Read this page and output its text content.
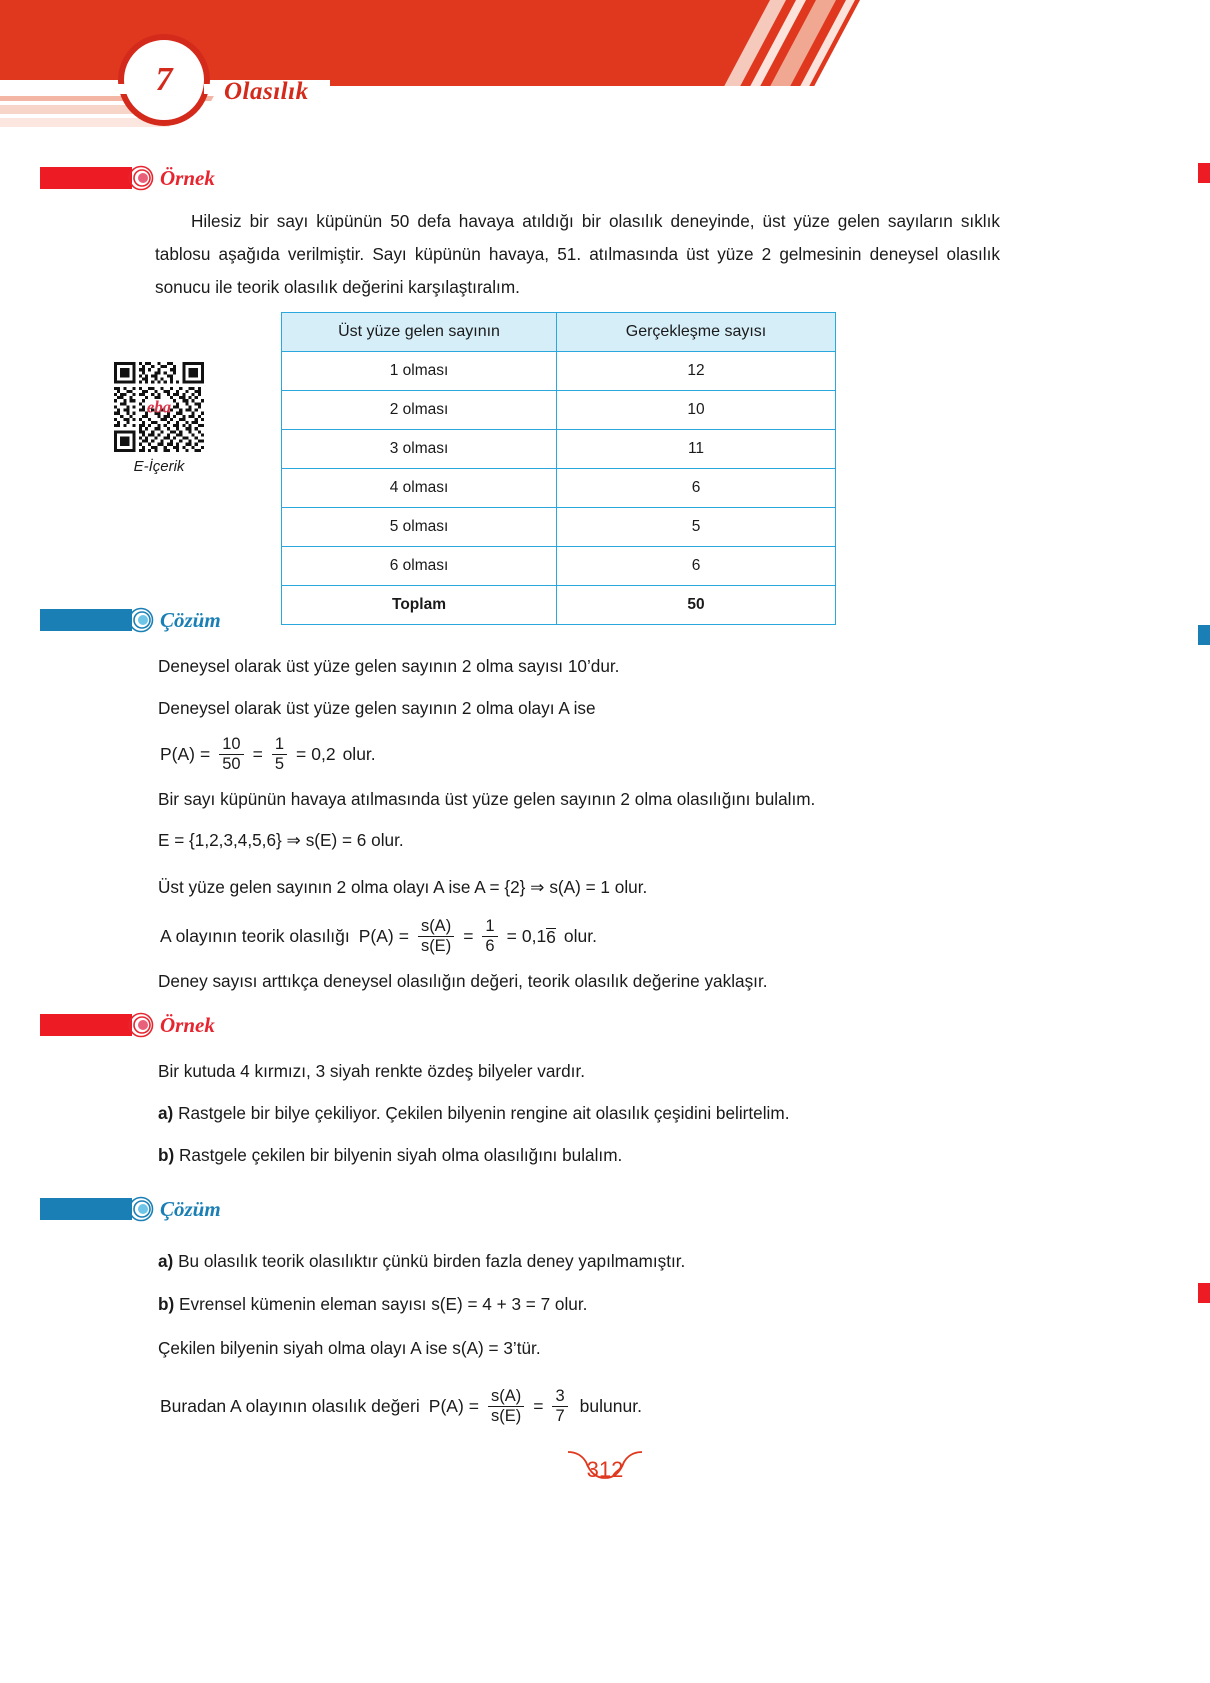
7	Olasılık
Örnek
Hilesiz bir sayı küpünün 50 defa havaya atıldığı bir olasılık deneyinde, üst yüze gelen sayıların sıklık tablosu aşağıda verilmiştir. Sayı küpünün havaya, 51. atılmasında üst yüze 2 gelmesinin deneysel olasılık sonucu ile teorik olasılık değerini karşılaştıralım.
eba
E-İçerik
Üst yüze gelen sayının	Gerçekleşme sayısı
1 olması	12
2 olması	10
3 olması	11
4 olması	6
5 olması	5
6 olması	6
Toplam	50
Çözüm
Deneysel olarak üst yüze gelen sayının 2 olma sayısı 10’dur.
Deneysel olarak üst yüze gelen sayının 2 olma olayı A ise
$P(A) = \frac{10}{50} = \frac{1}{5} = 0,2$ olur.
Bir sayı küpünün havaya atılmasında üst yüze gelen sayının 2 olma olasılığını bulalım.
E = {1,2,3,4,5,6} ⇒ s(E) = 6 olur.
Üst yüze gelen sayının 2 olma olayı A ise A = {2} ⇒ s(A) = 1 olur.
A olayının teorik olasılığı $P(A) = \frac{s(A)}{s(E)} = \frac{1}{6} = 0,1$ 6 olur.
Deney sayısı arttıkça deneysel olasılığın değeri, teorik olasılık değerine yaklaşır.
Örnek
Bir kutuda 4 kırmızı, 3 siyah renkte özdeş bilyeler vardır.
a) Rastgele bir bilye çekiliyor. Çekilen bilyenin rengine ait olasılık çeşidini belirtelim.
b) Rastgele çekilen bir bilyenin siyah olma olasılığını bulalım.
Çözüm
a) Bu olasılık teorik olasılıktır çünkü birden fazla deney yapılmamıştır.
b) Evrensel kümenin eleman sayısı s(E) = 4 + 3 = 7 olur.
Çekilen bilyenin siyah olma olayı A ise s(A) = 3’tür.
Buradan A olayının olasılık değeri $P(A) = \frac{s(A)}{s(E)} = \frac{3}{7}$ bulunur.
312
